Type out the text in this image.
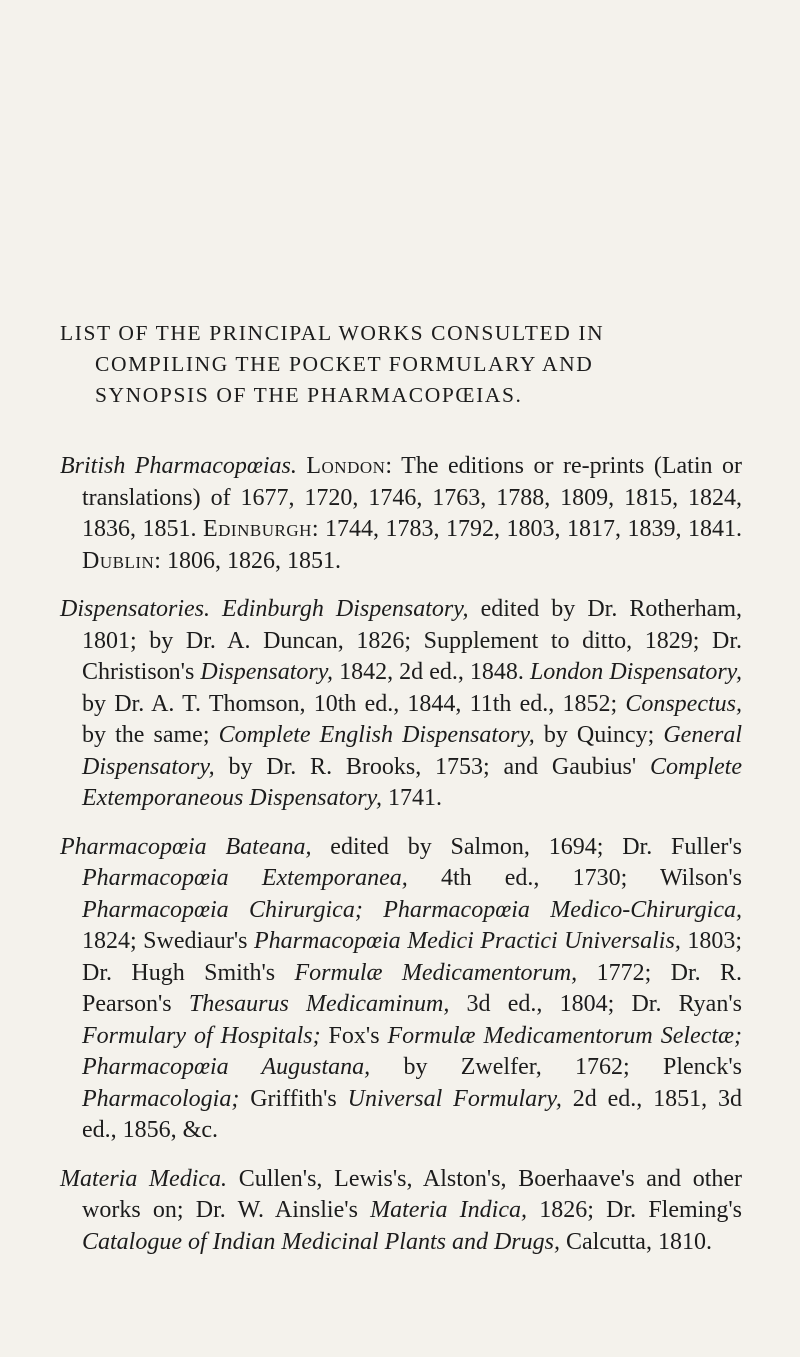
LIST OF THE PRINCIPAL WORKS CONSULTED IN
COMPILING THE POCKET FORMULARY AND
SYNOPSIS OF THE PHARMACOPŒIAS.

British Pharmacopœias. London: The editions or re-prints (Latin or translations) of 1677, 1720, 1746, 1763, 1788, 1809, 1815, 1824, 1836, 1851. Edinburgh: 1744, 1783, 1792, 1803, 1817, 1839, 1841. Dublin: 1806, 1826, 1851.

Dispensatories. Edinburgh Dispensatory, edited by Dr. Rotherham, 1801; by Dr. A. Duncan, 1826; Supplement to ditto, 1829; Dr. Christison's Dispensatory, 1842, 2d ed., 1848. London Dispensatory, by Dr. A. T. Thomson, 10th ed., 1844, 11th ed., 1852; Conspectus, by the same; Complete English Dispensatory, by Quincy; General Dispensatory, by Dr. R. Brooks, 1753; and Gaubius' Complete Extemporaneous Dispensatory, 1741.

Pharmacopœia Bateana, edited by Salmon, 1694; Dr. Fuller's Pharmacopœia Extemporanea, 4th ed., 1730; Wilson's Pharmacopœia Chirurgica; Pharmacopœia Medico-Chirurgica, 1824; Swediaur's Pharmacopœia Medici Practici Universalis, 1803; Dr. Hugh Smith's Formulæ Medicamentorum, 1772; Dr. R. Pearson's Thesaurus Medicaminum, 3d ed., 1804; Dr. Ryan's Formulary of Hospitals; Fox's Formulæ Medicamentorum Selectæ; Pharmacopœia Augustana, by Zwelfer, 1762; Plenck's Pharmacologia; Griffith's Universal Formulary, 2d ed., 1851, 3d ed., 1856, &c.

Materia Medica. Cullen's, Lewis's, Alston's, Boerhaave's and other works on; Dr. W. Ainslie's Materia Indica, 1826; Dr. Fleming's Catalogue of Indian Medicinal Plants and Drugs, Calcutta, 1810.
